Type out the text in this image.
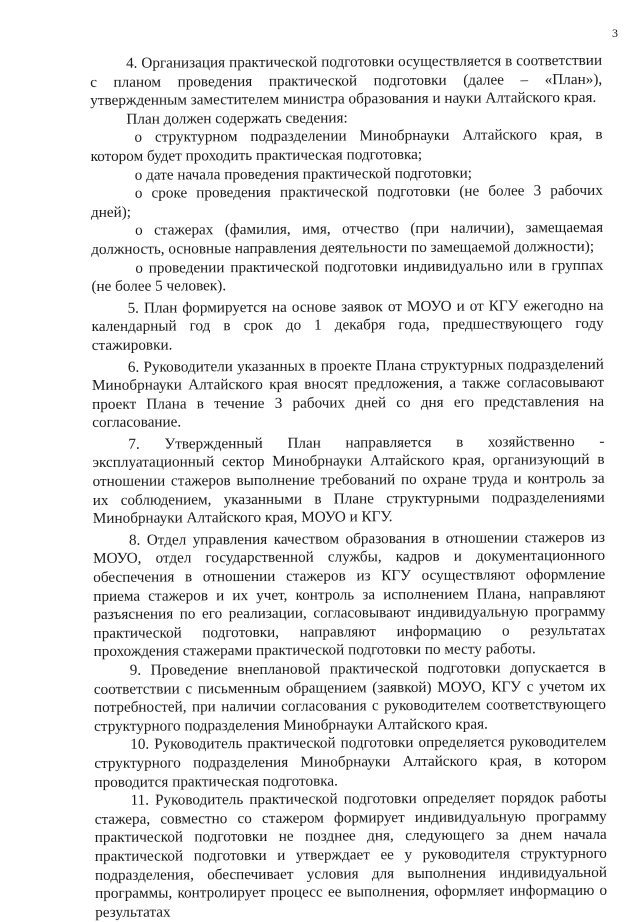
3

4. Организация практической подготовки осуществляется в соответствии с планом проведения практической подготовки (далее – «План»), утвержденным заместителем министра образования и науки Алтайского края.

План должен содержать сведения:

о структурном подразделении Минобрнауки Алтайского края, в котором будет проходить практическая подготовка;

о дате начала проведения практической подготовки;

о сроке проведения практической подготовки (не более 3 рабочих дней);

о стажерах (фамилия, имя, отчество (при наличии), замещаемая должность, основные направления деятельности по замещаемой должности);

о проведении практической подготовки индивидуально или в группах (не более 5 человек).

5. План формируется на основе заявок от МОУО и от КГУ ежегодно на календарный год в срок до 1 декабря года, предшествующего году стажировки.

6. Руководители указанных в проекте Плана структурных подразделений Минобрнауки Алтайского края вносят предложения, а также согласовывают проект Плана в течение 3 рабочих дней со дня его представления на согласование.

7. Утвержденный План направляется в хозяйственно - эксплуатационный сектор Минобрнауки Алтайского края, организующий в отношении стажеров выполнение требований по охране труда и контроль за их соблюдением, указанными в Плане структурными подразделениями Минобрнауки Алтайского края, МОУО и КГУ.

8. Отдел управления качеством образования в отношении стажеров из МОУО, отдел государственной службы, кадров и документационного обеспечения в отношении стажеров из КГУ осуществляют оформление приема стажеров и их учет, контроль за исполнением Плана, направляют разъяснения по его реализации, согласовывают индивидуальную программу практической подготовки, направляют информацию о результатах прохождения стажерами практической подготовки по месту работы.

9. Проведение внеплановой практической подготовки допускается в соответствии с письменным обращением (заявкой) МОУО, КГУ с учетом их потребностей, при наличии согласования с руководителем соответствующего структурного подразделения Минобрнауки Алтайского края.

10. Руководитель практической подготовки определяется руководителем структурного подразделения Минобрнауки Алтайского края, в котором проводится практическая подготовка.

11. Руководитель практической подготовки определяет порядок работы стажера, совместно со стажером формирует индивидуальную программу практической подготовки не позднее дня, следующего за днем начала практической подготовки и утверждает ее у руководителя структурного подразделения, обеспечивает условия для выполнения индивидуальной программы, контролирует процесс ее выполнения, оформляет информацию о результатах
